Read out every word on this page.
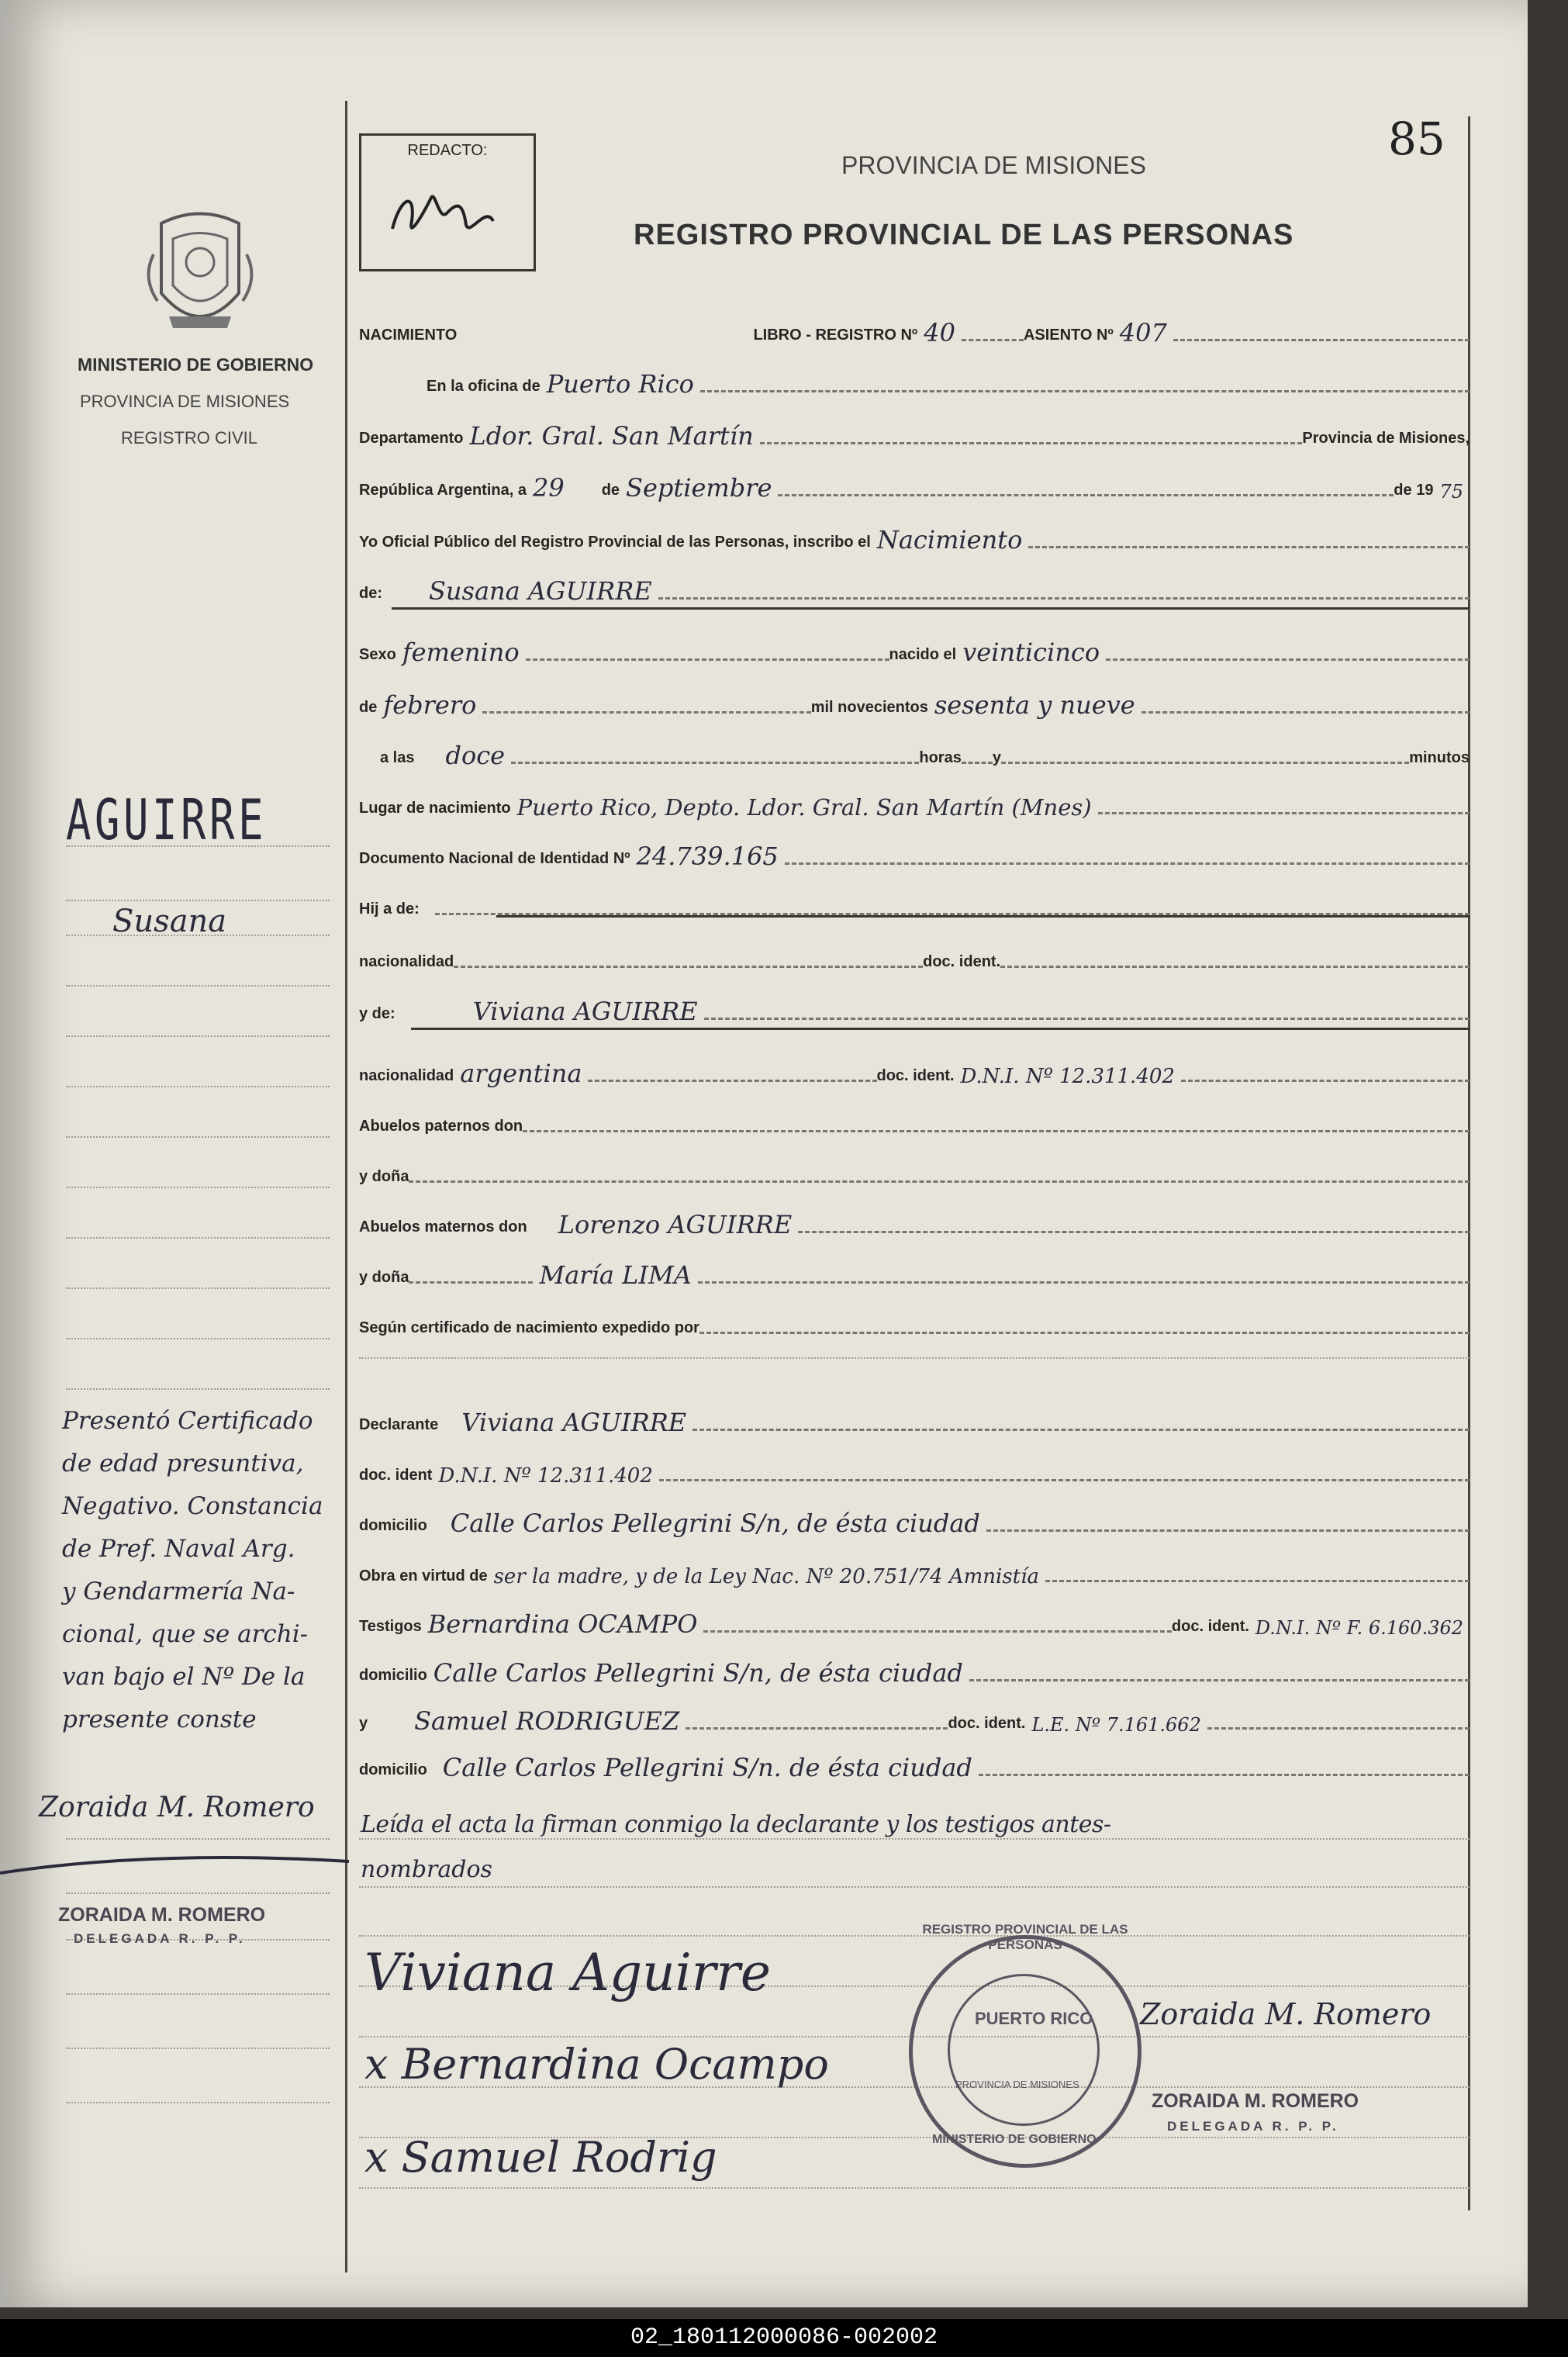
85
REDACTO:
PROVINCIA DE MISIONES
REGISTRO PROVINCIAL DE LAS PERSONAS
MINISTERIO DE GOBIERNO
PROVINCIA DE MISIONES
REGISTRO CIVIL
AGUIRRE
Susana
Presentó Certificado
de edad presuntiva,
Negativo. Constancia
de Pref. Naval Arg.
y Gendarmería Na-
cional, que se archi-
van bajo el Nº De la
presente conste
Zoraida M. Romero
ZORAIDA M. ROMERO
DELEGADA R. P. P.
NACIMIENTO	LIBRO - REGISTRO Nº 40	ASIENTO Nº 407
En la oficina de Puerto Rico
Departamento Ldor. Gral. San Martín	Provincia de Misiones,
República Argentina, a 29	de Septiembre	de 19 75
Yo Oficial Público del Registro Provincial de las Personas, inscribo el Nacimiento
de:	Susana AGUIRRE
Sexo femenino	nacido el veinticinco
de febrero	mil novecientos sesenta y nueve
a las	doce	horas y	minutos
Lugar de nacimiento Puerto Rico, Depto. Ldor. Gral. San Martín (Mnes)
Documento Nacional de Identidad Nº 24.739.165
Hij a de:
nacionalidad	doc. ident.
y de:	Viviana AGUIRRE
nacionalidad argentina	doc. ident. D.N.I. Nº 12.311.402
Abuelos paternos don
y doña
Abuelos maternos don	Lorenzo AGUIRRE
y doña	María LIMA
Según certificado de nacimiento expedido por
Declarante Viviana AGUIRRE
doc. ident D.N.I. Nº 12.311.402
domicilio Calle Carlos Pellegrini S/n, de ésta ciudad
Obra en virtud de ser la madre, y de la Ley Nac. Nº 20.751/74 Amnistía
Testigos Bernardina OCAMPO	doc. ident. D.N.I. Nº F. 6.160.362
domicilio Calle Carlos Pellegrini S/n, de ésta ciudad
y	Samuel RODRIGUEZ	doc. ident. L.E. Nº 7.161.662
domicilio Calle Carlos Pellegrini S/n. de ésta ciudad
Leída el acta la firman conmigo la declarante y los testigos antes-
nombrados
Viviana Aguirre
x Bernardina Ocampo
x Samuel Rodrig
REGISTRO PROVINCIAL DE LAS PERSONAS
PUERTO RICO
PROVINCIA DE MISIONES
MINISTERIO DE GOBIERNO
Zoraida M. Romero
ZORAIDA M. ROMERO
DELEGADA R. P. P.
02_180112000086-002002
